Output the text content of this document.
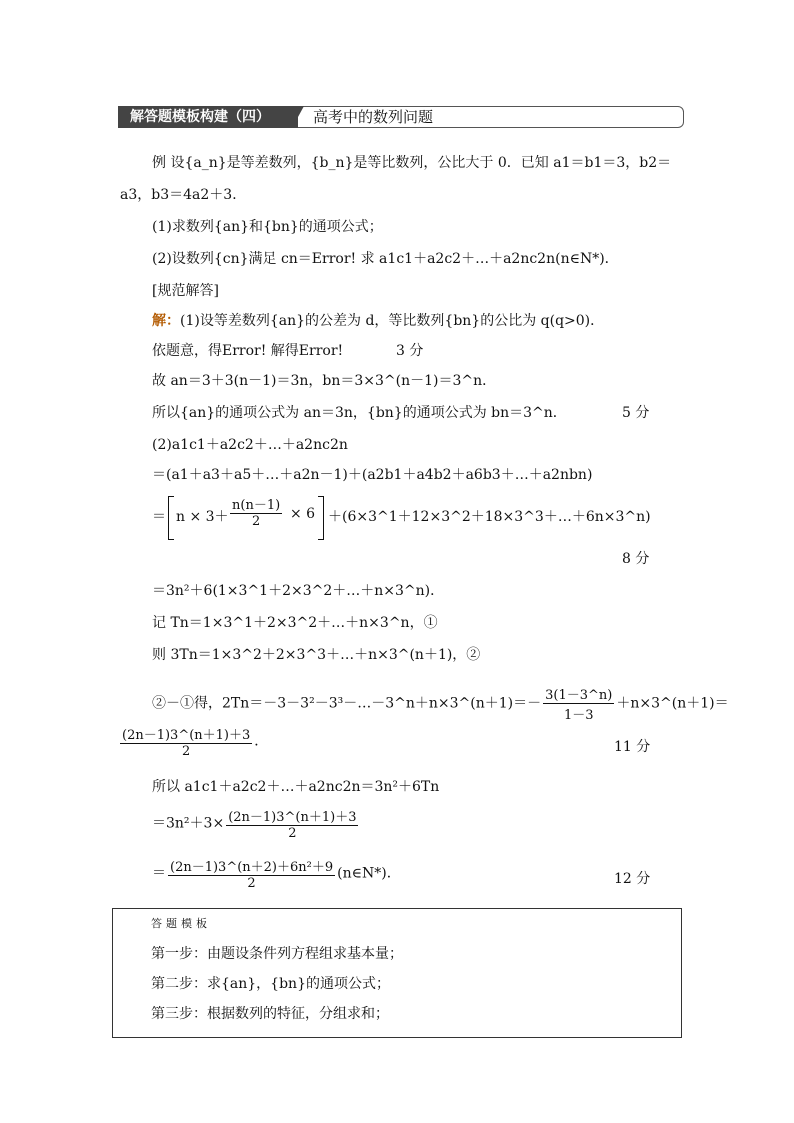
解答题模板构建（四）	高考中的数列问题
例 设{a_n}是等差数列，{b_n}是等比数列，公比大于 0．已知 a1＝b1＝3，b2＝
a3，b3＝4a2＋3．
(1)求数列{an}和{bn}的通项公式；
(2)设数列{cn}满足 cn＝Error! 求 a1c1＋a2c2＋…＋a2nc2n(n∈N*)．
[规范解答]
解：(1)设等差数列{an}的公差为 d，等比数列{bn}的公比为 q(q>0)．
依题意，得Error! 解得Error!	3 分
故 an＝3＋3(n－1)＝3n，bn＝3×3^(n－1)＝3^n．
所以{an}的通项公式为 an＝3n，{bn}的通项公式为 bn＝3^n．	5 分
(2)a1c1＋a2c2＋…＋a2nc2n
＝(a1＋a3＋a5＋…＋a2n－1)＋(a2b1＋a4b2＋a6b3＋…＋a2nbn)
＝ $n \times 3+ \frac{n(n-1)}{2} \times 6$ ＋(6×3^1＋12×3^2＋18×3^3＋…＋6n×3^n)
8 分
＝3n²＋6(1×3^1＋2×3^2＋…＋n×3^n)．
记 Tn＝1×3^1＋2×3^2＋…＋n×3^n，①
则 3Tn＝1×3^2＋2×3^3＋…＋n×3^(n＋1)，②
②－①得，2Tn＝－3－3²－3³－…－3^n＋n×3^(n＋1)＝－ $\frac{3(1-3\^{}n)}{1-3}$ ＋n×3^(n＋1)＝
$\frac{(2n-1)3\^{}(n+1)+3}{2}$ ．	11 分
所以 a1c1＋a2c2＋…＋a2nc2n＝3n²＋6Tn
$=3n^2+3\times \frac{(2n-1)3\^{}(n+1)+3}{2}$
＝ $\frac{\text{(2n－1)3\textasciicircum{}(n＋2)＋6n²＋9}}{2}$ (n∈N*)．	12 分
答题模板
第一步：由题设条件列方程组求基本量；
第二步：求{an}，{bn}的通项公式；
第三步：根据数列的特征，分组求和；
